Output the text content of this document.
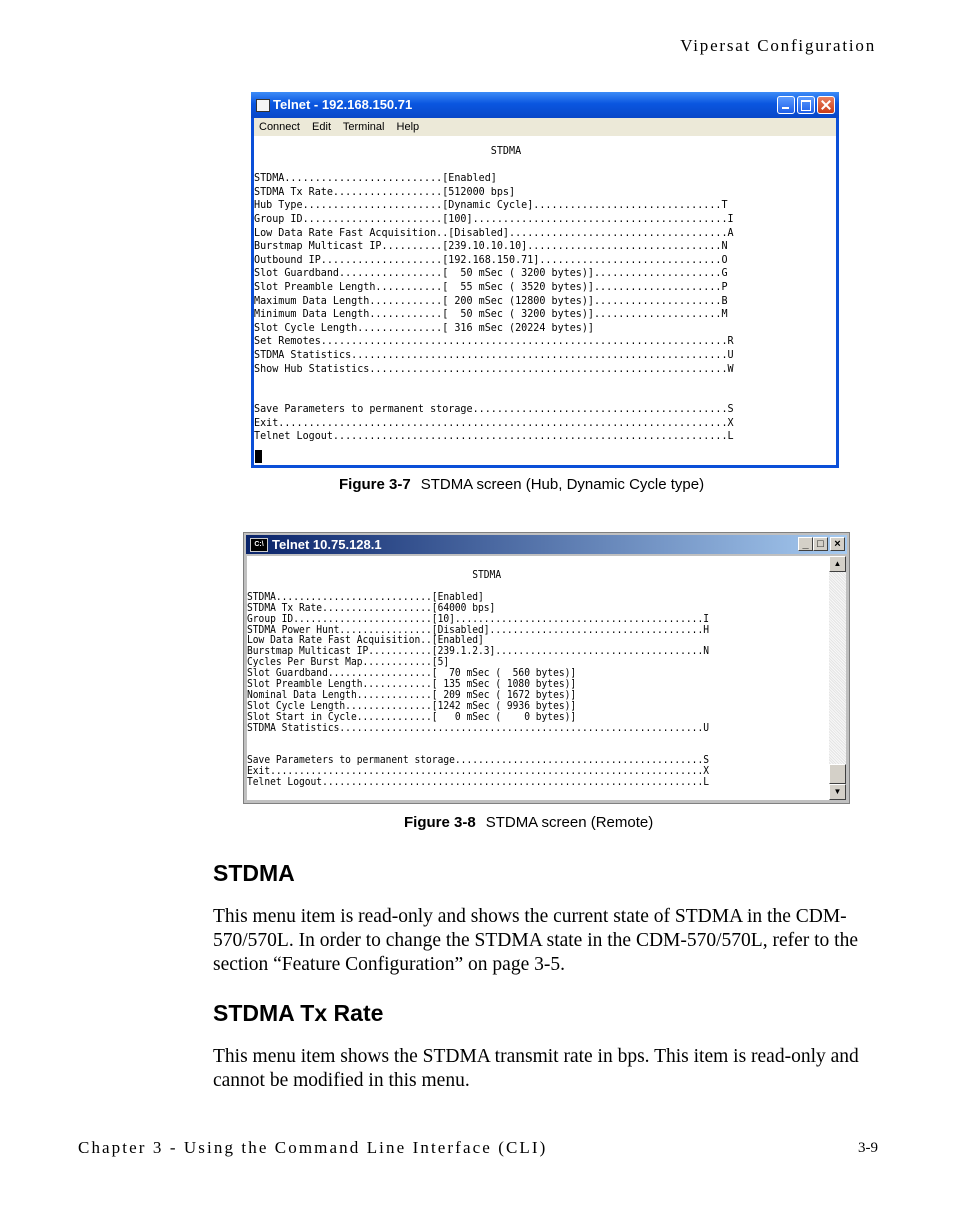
Vipersat Configuration
Telnet - 192.168.150.71
Connect Edit Terminal Help
STDMA

STDMA..........................[Enabled]
STDMA Tx Rate..................[512000 bps]
Hub Type.......................[Dynamic Cycle]...............................T
Group ID.......................[100]..........................................I
Low Data Rate Fast Acquisition..[Disabled]....................................A
Burstmap Multicast IP..........[239.10.10.10]................................N
Outbound IP....................[192.168.150.71]..............................O
Slot Guardband.................[  50 mSec ( 3200 bytes)].....................G
Slot Preamble Length...........[  55 mSec ( 3520 bytes)].....................P
Maximum Data Length............[ 200 mSec (12800 bytes)].....................B
Minimum Data Length............[  50 mSec ( 3200 bytes)].....................M
Slot Cycle Length..............[ 316 mSec (20224 bytes)]
Set Remotes...................................................................R
STDMA Statistics..............................................................U
Show Hub Statistics...........................................................W

Save Parameters to permanent storage..........................................S
Exit..........................................................................X
Telnet Logout.................................................................L
Figure 3-7 STDMA screen (Hub, Dynamic Cycle type)
C:\ Telnet 10.75.128.1	_ □ ×
STDMA

STDMA...........................[Enabled]
STDMA Tx Rate...................[64000 bps]
Group ID........................[10]...........................................I
STDMA Power Hunt................[Disabled].....................................H
Low Data Rate Fast Acquisition..[Enabled]
Burstmap Multicast IP...........[239.1.2.3]....................................N
Cycles Per Burst Map............[5]
Slot Guardband..................[  70 mSec (  560 bytes)]
Slot Preamble Length............[ 135 mSec ( 1080 bytes)]
Nominal Data Length.............[ 209 mSec ( 1672 bytes)]
Slot Cycle Length...............[1242 mSec ( 9936 bytes)]
Slot Start in Cycle.............[   0 mSec (    0 bytes)]
STDMA Statistics...............................................................U

Save Parameters to permanent storage...........................................S
Exit...........................................................................X
Telnet Logout..................................................................L
▲
▼
Figure 3-8 STDMA screen (Remote)
STDMA
This menu item is read-only and shows the current state of STDMA in the CDM-570/570L. In order to change the STDMA state in the CDM-570/570L, refer to the section “Feature Configuration” on page 3-5.
STDMA Tx Rate
This menu item shows the STDMA transmit rate in bps. This item is read-only and cannot be modified in this menu.
Chapter 3 - Using the Command Line Interface (CLI)	3-9
